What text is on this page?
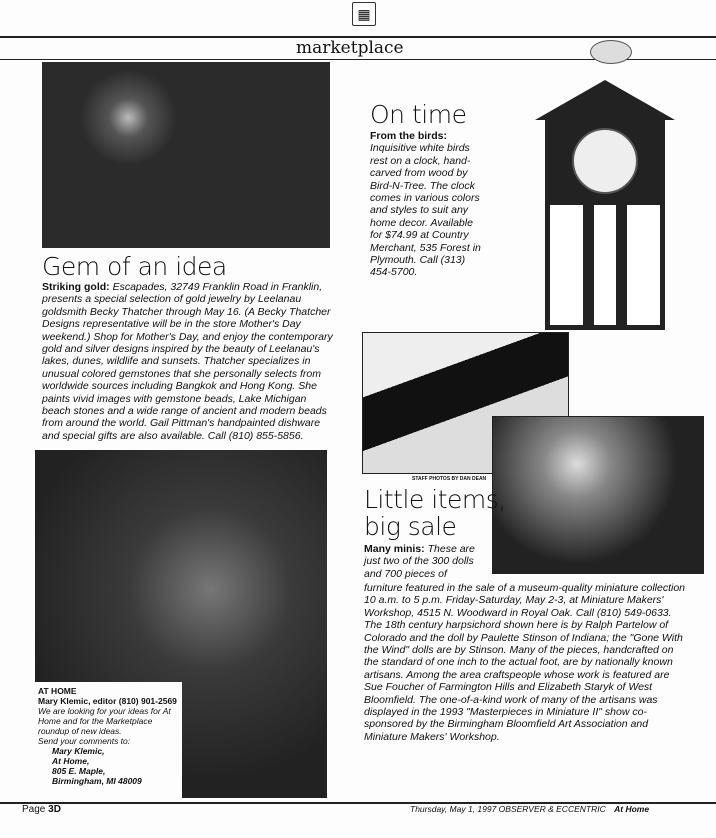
▦
marketplace
Gem of an idea
Striking gold: Escapades, 32749 Franklin Road in Franklin, presents a special selection of gold jewelry by Leelanau goldsmith Becky Thatcher through May 16. (A Becky Thatcher Designs representative will be in the store Mother's Day weekend.) Shop for Mother's Day, and enjoy the contemporary gold and silver designs inspired by the beauty of Leelanau's lakes, dunes, wildlife and sunsets. Thatcher specializes in unusual colored gemstones that she personally selects from worldwide sources including Bangkok and Hong Kong. She paints vivid images with gemstone beads, Lake Michigan beach stones and a wide range of ancient and modern beads from around the world. Gail Pittman's handpainted dishware and special gifts are also available. Call (810) 855-5856.
AT HOME
Mary Klemic, editor (810) 901-2569
We are looking for your ideas for At Home and for the Marketplace roundup of new ideas.
Send your comments to:
Mary Klemic,
At Home,
805 E. Maple,
Birmingham, MI 48009
On time
From the birds: Inquisitive white birds rest on a clock, hand-carved from wood by Bird-N-Tree. The clock comes in various colors and styles to suit any home decor. Available for $74.99 at Country Merchant, 535 Forest in Plymouth. Call (313) 454-5700.
STAFF PHOTOS BY DAN DEAN
Little items,
big sale
Many minis: These are just two of the 300 dolls and 700 pieces of
furniture featured in the sale of a museum-quality miniature collection 10 a.m. to 5 p.m. Friday-Saturday, May 2-3, at Miniature Makers' Workshop, 4515 N. Woodward in Royal Oak. Call (810) 549-0633. The 18th century harpsichord shown here is by Ralph Partelow of Colorado and the doll by Paulette Stinson of Indiana; the "Gone With the Wind" dolls are by Stinson. Many of the pieces, handcrafted on the standard of one inch to the actual foot, are by nationally known artisans. Among the area craftspeople whose work is featured are Sue Foucher of Farmington Hills and Elizabeth Staryk of West Bloomfield. The one-of-a-kind work of many of the artisans was displayed in the 1993 "Masterpieces in Miniature II" show co-sponsored by the Birmingham Bloomfield Art Association and Miniature Makers' Workshop.
Page 3D	Thursday, May 1, 1997 OBSERVER & ECCENTRIC At Home
